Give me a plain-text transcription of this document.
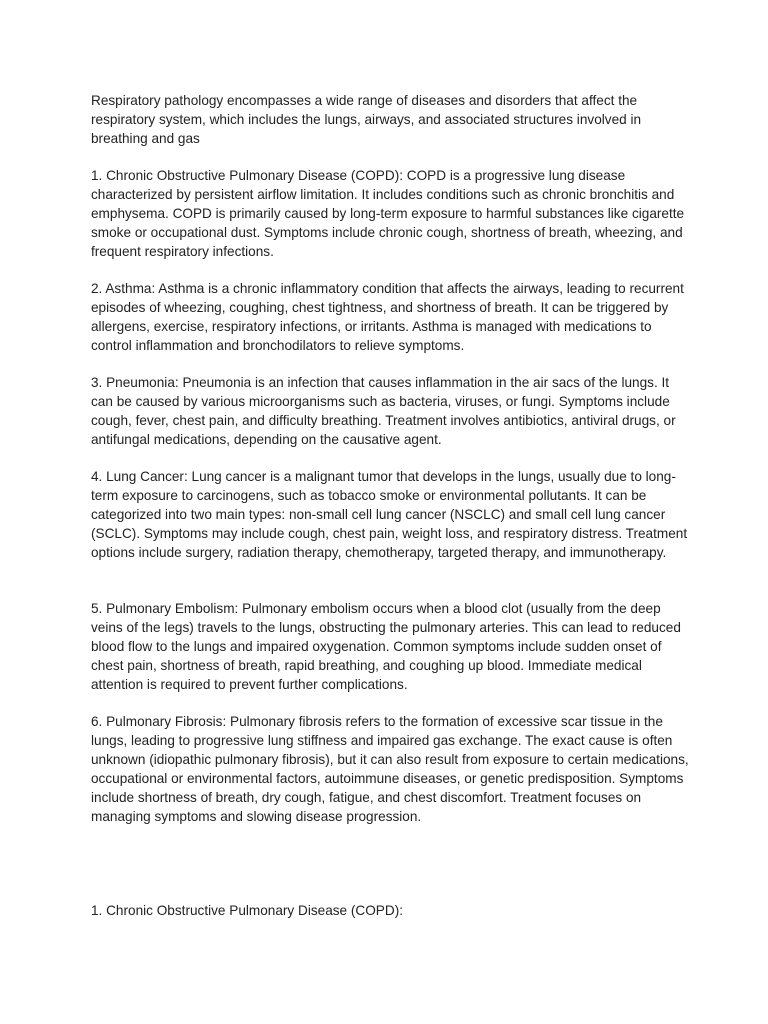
Respiratory pathology encompasses a wide range of diseases and disorders that affect the respiratory system, which includes the lungs, airways, and associated structures involved in breathing and gas

1. Chronic Obstructive Pulmonary Disease (COPD): COPD is a progressive lung disease characterized by persistent airflow limitation. It includes conditions such as chronic bronchitis and emphysema. COPD is primarily caused by long-term exposure to harmful substances like cigarette smoke or occupational dust. Symptoms include chronic cough, shortness of breath, wheezing, and frequent respiratory infections.

2. Asthma: Asthma is a chronic inflammatory condition that affects the airways, leading to recurrent episodes of wheezing, coughing, chest tightness, and shortness of breath. It can be triggered by allergens, exercise, respiratory infections, or irritants. Asthma is managed with medications to control inflammation and bronchodilators to relieve symptoms.

3. Pneumonia: Pneumonia is an infection that causes inflammation in the air sacs of the lungs. It can be caused by various microorganisms such as bacteria, viruses, or fungi. Symptoms include cough, fever, chest pain, and difficulty breathing. Treatment involves antibiotics, antiviral drugs, or antifungal medications, depending on the causative agent.

4. Lung Cancer: Lung cancer is a malignant tumor that develops in the lungs, usually due to long-term exposure to carcinogens, such as tobacco smoke or environmental pollutants. It can be categorized into two main types: non-small cell lung cancer (NSCLC) and small cell lung cancer (SCLC). Symptoms may include cough, chest pain, weight loss, and respiratory distress. Treatment options include surgery, radiation therapy, chemotherapy, targeted therapy, and immunotherapy.

5. Pulmonary Embolism: Pulmonary embolism occurs when a blood clot (usually from the deep veins of the legs) travels to the lungs, obstructing the pulmonary arteries. This can lead to reduced blood flow to the lungs and impaired oxygenation. Common symptoms include sudden onset of chest pain, shortness of breath, rapid breathing, and coughing up blood. Immediate medical attention is required to prevent further complications.

6. Pulmonary Fibrosis: Pulmonary fibrosis refers to the formation of excessive scar tissue in the lungs, leading to progressive lung stiffness and impaired gas exchange. The exact cause is often unknown (idiopathic pulmonary fibrosis), but it can also result from exposure to certain medications, occupational or environmental factors, autoimmune diseases, or genetic predisposition. Symptoms include shortness of breath, dry cough, fatigue, and chest discomfort. Treatment focuses on managing symptoms and slowing disease progression.

1. Chronic Obstructive Pulmonary Disease (COPD):
